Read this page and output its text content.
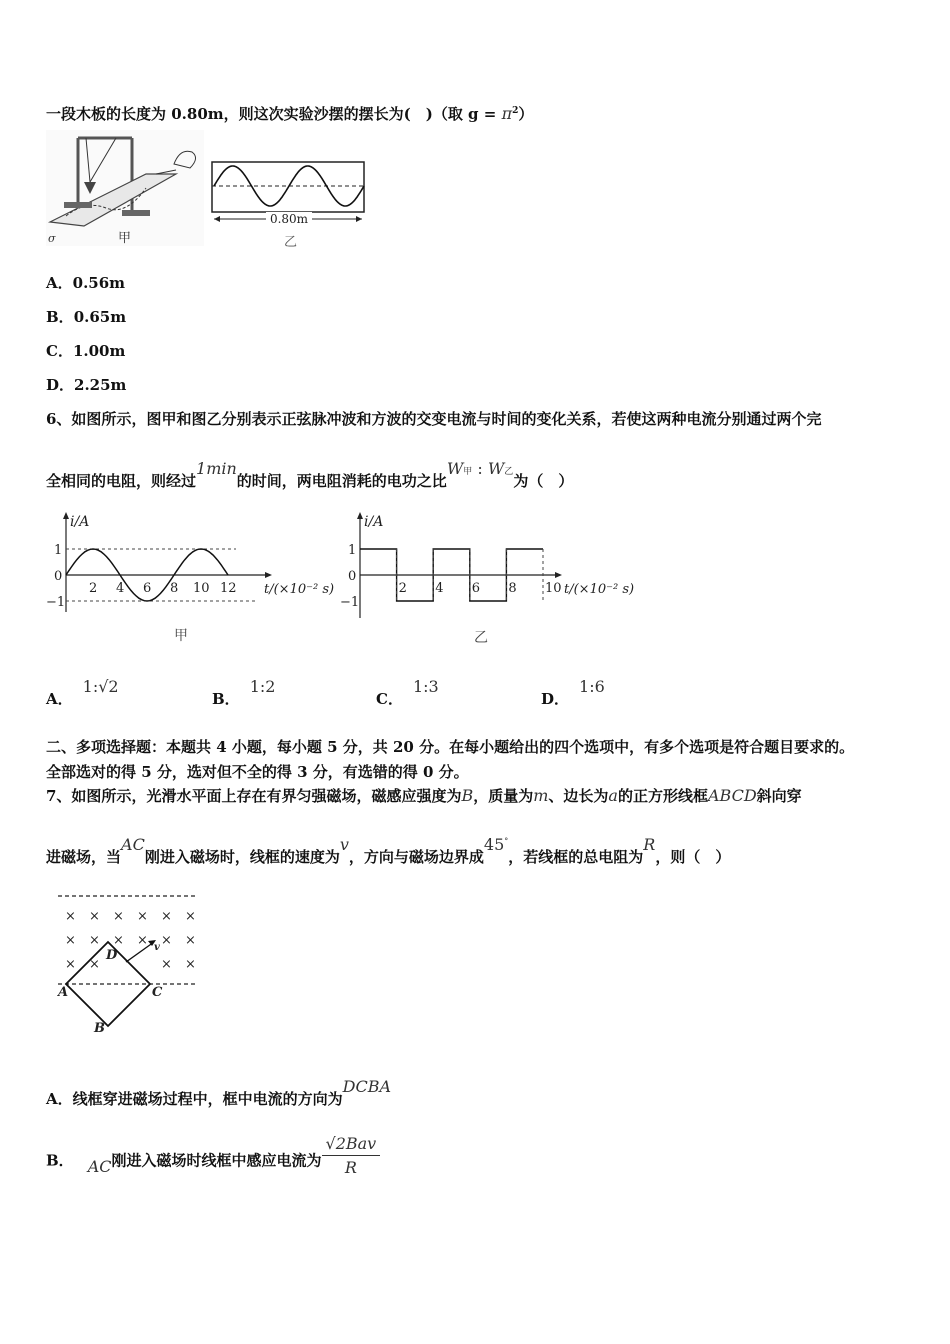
一段木板的长度为 0.80m，则这次实验沙摆的摆长为(　)（取 $g = \pi^2$）
σ	甲
0.80m
乙
A．0.56m
B．0.65m
C．1.00m
D．2.25m
6、如图所示，图甲和图乙分别表示正弦脉冲波和方波的交变电流与时间的变化关系，若使这两种电流分别通过两个完
全相同的电阻，则经过1min的时间，两电阻消耗的电功之比W甲 : W乙为（　）
i/A
1
0
−1
2 4 6 8 10 12 t/(×10⁻² s)
甲
i/A
1
0
−1
2 4 6 8 10 t/(×10⁻² s)
乙
A．1:√2
B．1:2
C．1:3
D．1:6
二、多项选择题：本题共 4 小题，每小题 5 分，共 20 分。在每小题给出的四个选项中，有多个选项是符合题目要求的。
全部选对的得 5 分，选对但不全的得 3 分，有选错的得 0 分。
7、如图所示，光滑水平面上存在有界匀强磁场，磁感应强度为B，质量为m、边长为a的正方形线框ABCD斜向穿
进磁场，当AC刚进入磁场时，线框的速度为v，方向与磁场边界成45°，若线框的总电阻为R，则（　）
× × × × × ×
× × × × × ×
× ×	× ×
A	C
D
B
v
A．线框穿进磁场过程中，框中电流的方向为DCBA
B． AC刚进入磁场时线框中感应电流为 $\frac{\text{√2Bav}}{R}$
